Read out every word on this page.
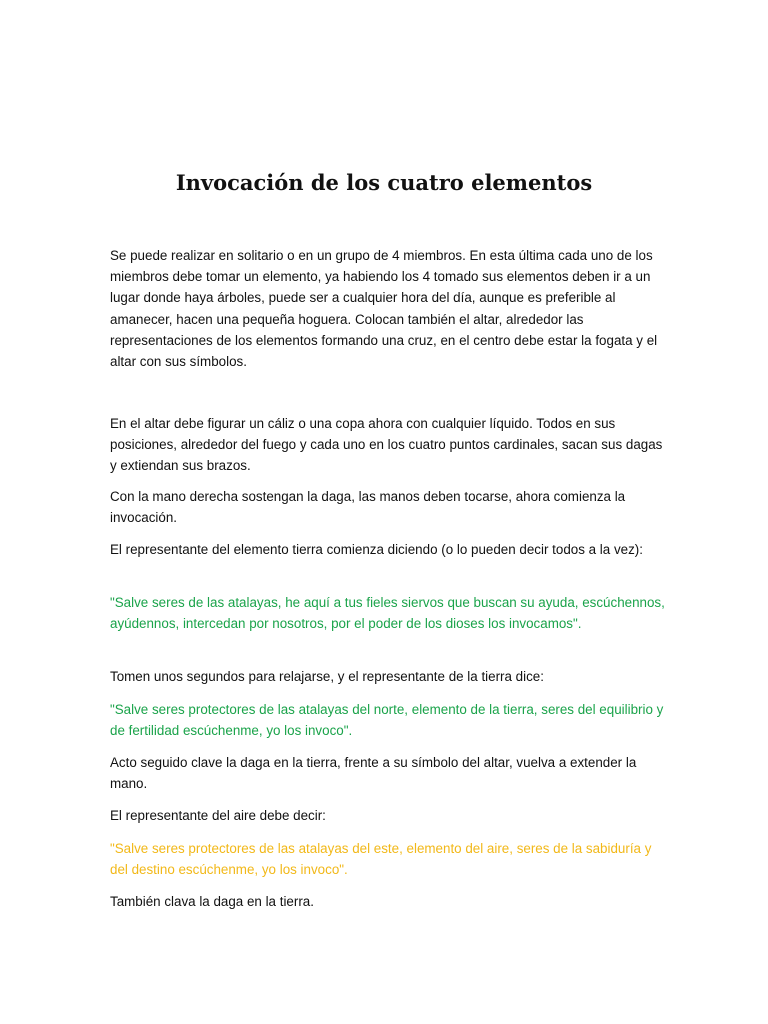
Invocación de los cuatro elementos

Se puede realizar en solitario o en un grupo de 4 miembros. En esta última cada uno de los miembros debe tomar un elemento, ya habiendo los 4 tomado sus elementos deben ir a un lugar donde haya árboles, puede ser a cualquier hora del día, aunque es preferible al amanecer, hacen una pequeña hoguera. Colocan también el altar, alrededor las representaciones de los elementos formando una cruz, en el centro debe estar la fogata y el altar con sus símbolos.

En el altar debe figurar un cáliz o una copa ahora con cualquier líquido. Todos en sus posiciones, alrededor del fuego y cada uno en los cuatro puntos cardinales, sacan sus dagas y extiendan sus brazos.

Con la mano derecha sostengan la daga, las manos deben tocarse, ahora comienza la invocación.

El representante del elemento tierra comienza diciendo (o lo pueden decir todos a la vez):

"Salve seres de las atalayas, he aquí a tus fieles siervos que buscan su ayuda, escúchennos, ayúdennos, intercedan por nosotros, por el poder de los dioses los invocamos".

Tomen unos segundos para relajarse, y el representante de la tierra dice:

"Salve seres protectores de las atalayas del norte, elemento de la tierra, seres del equilibrio y de fertilidad escúchenme, yo los invoco".

Acto seguido clave la daga en la tierra, frente a su símbolo del altar, vuelva a extender la mano.

El representante del aire debe decir:

"Salve seres protectores de las atalayas del este, elemento del aire, seres de la sabiduría y del destino escúchenme, yo los invoco".

También clava la daga en la tierra.
